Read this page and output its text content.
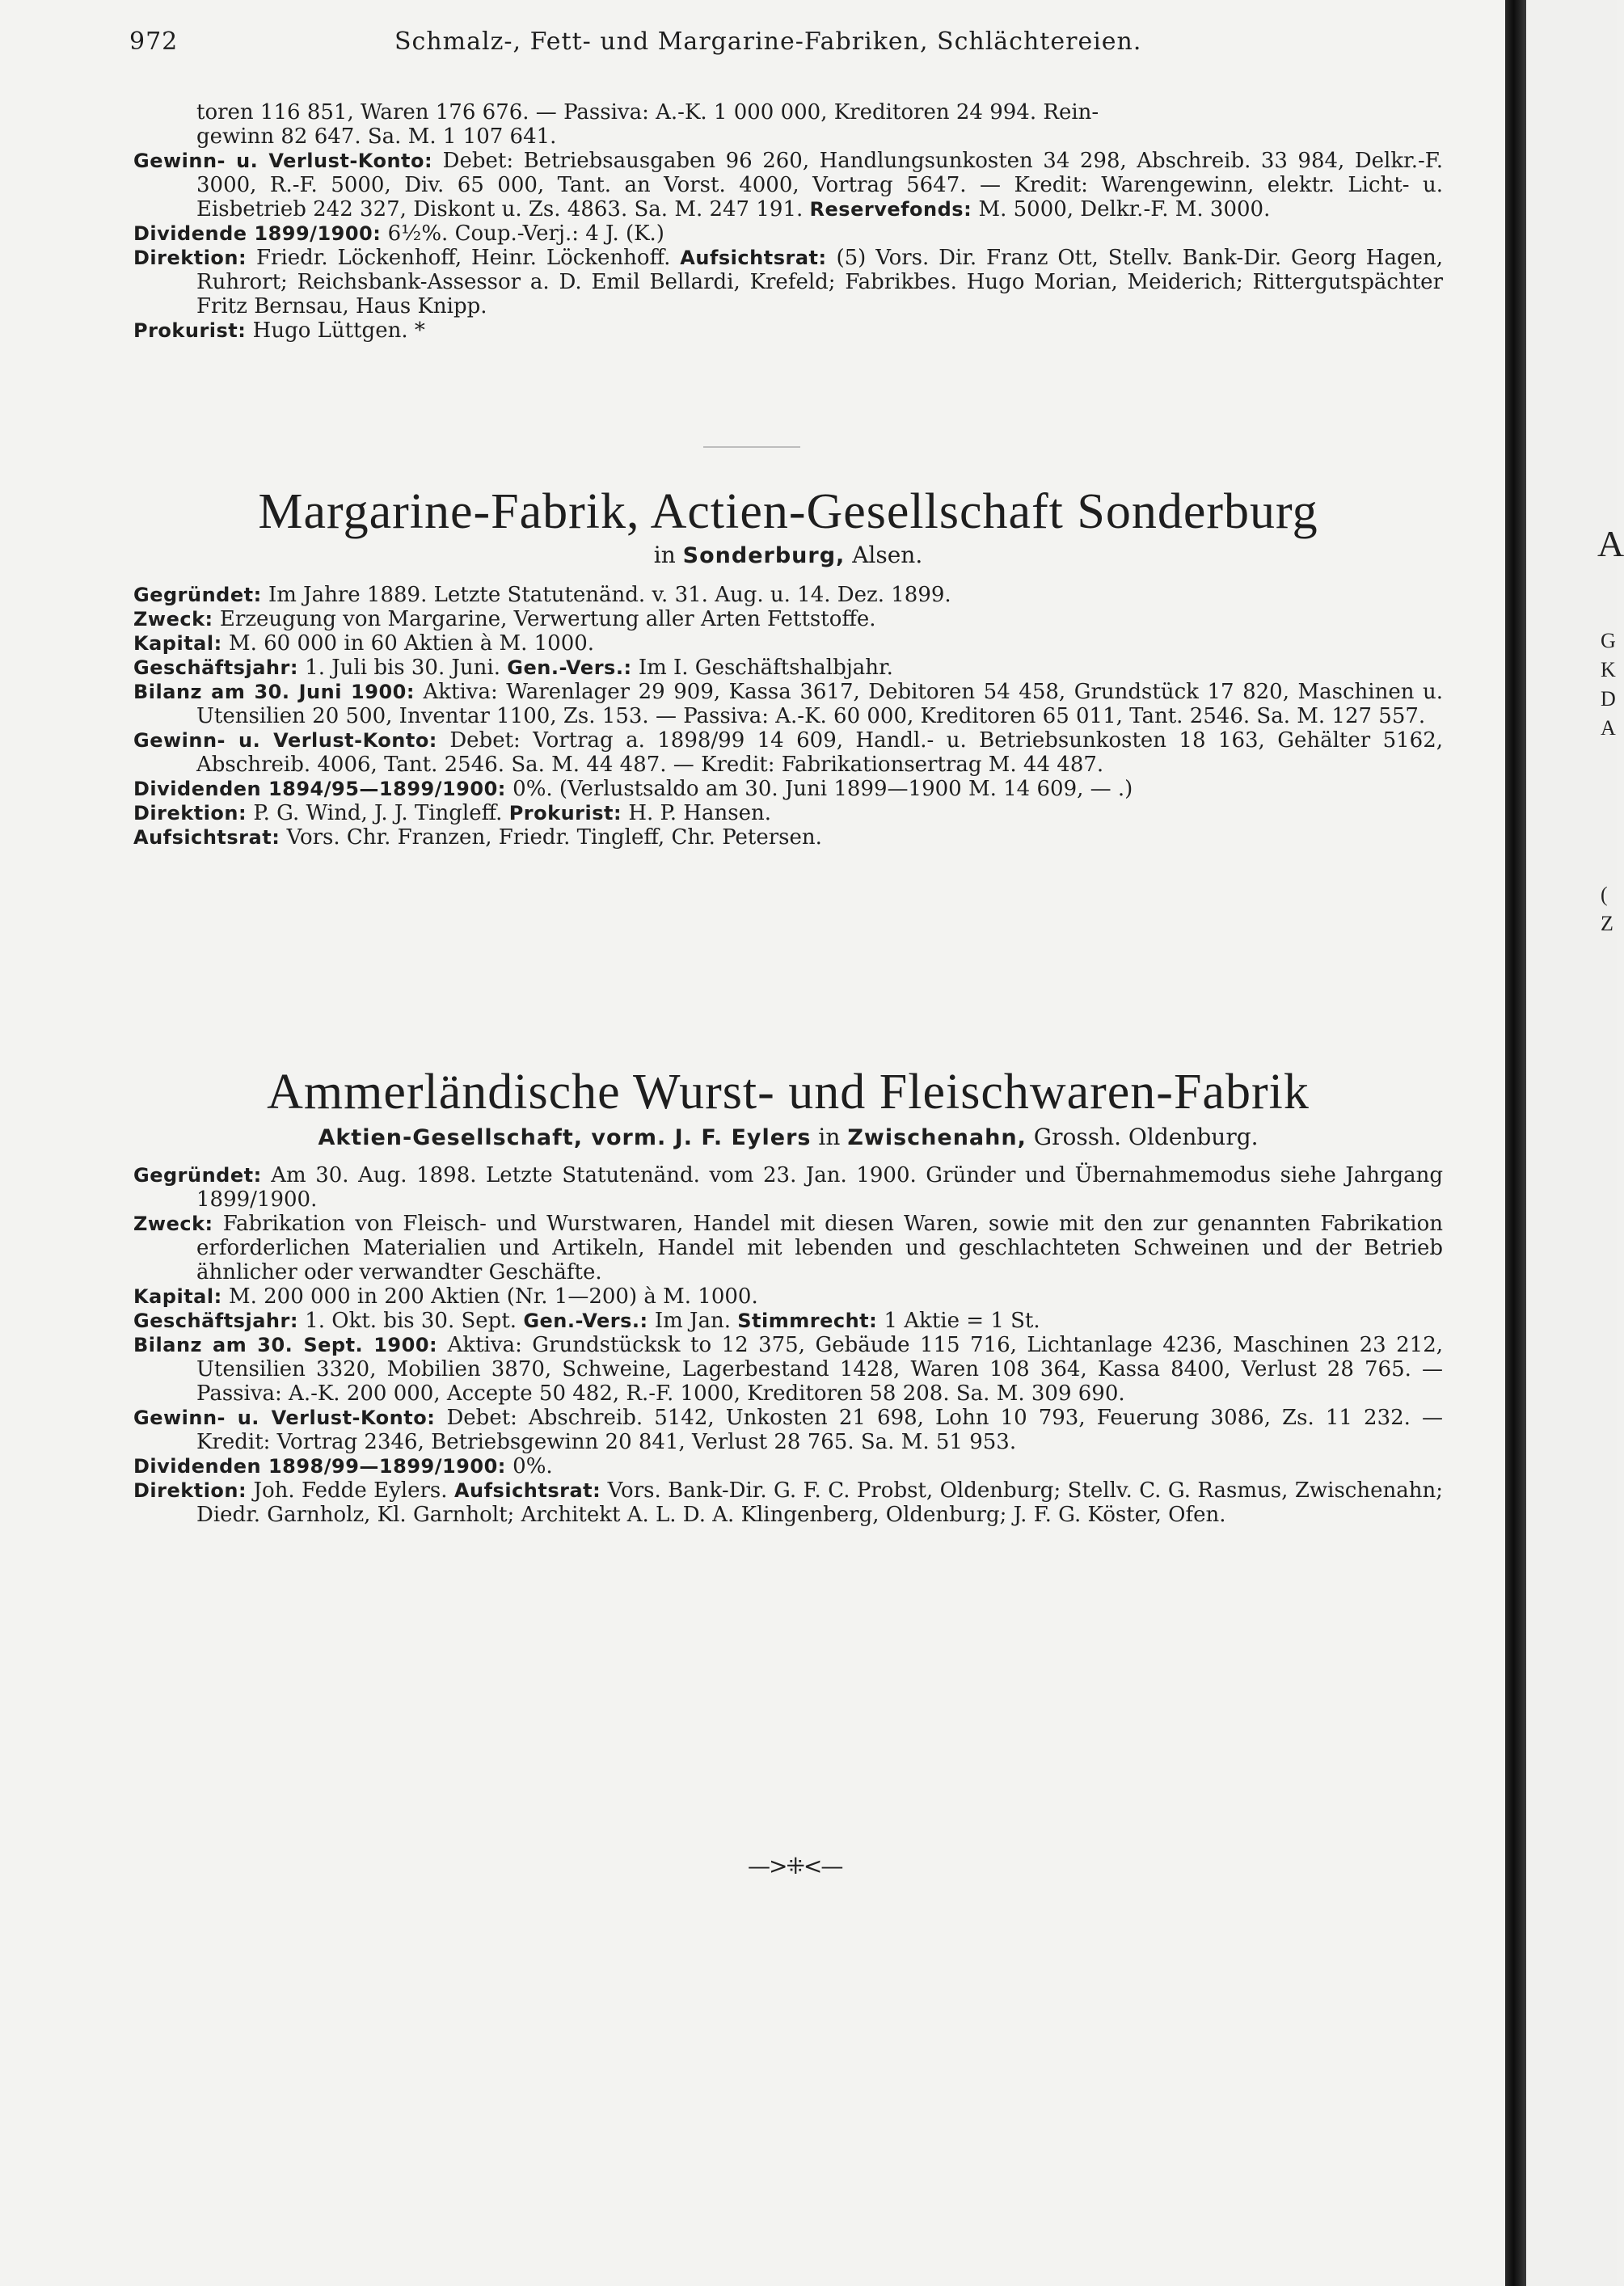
972	Schmalz-, Fett- und Margarine-Fabriken, Schlächtereien.

toren 116 851, Waren 176 676. — Passiva: A.-K. 1 000 000, Kreditoren 24 994. Rein-

gewinn 82 647. Sa. M. 1 107 641.

Gewinn- u. Verlust-Konto: Debet: Betriebsausgaben 96 260, Handlungsunkosten 34 298, Abschreib. 33 984, Delkr.-F. 3000, R.-F. 5000, Div. 65 000, Tant. an Vorst. 4000, Vortrag 5647. — Kredit: Warengewinn, elektr. Licht- u. Eisbetrieb 242 327, Diskont u. Zs. 4863. Sa. M. 247 191. Reservefonds: M. 5000, Delkr.-F. M. 3000.

Dividende 1899/1900: 6½%. Coup.-Verj.: 4 J. (K.)

Direktion: Friedr. Löckenhoff, Heinr. Löckenhoff. Aufsichtsrat: (5) Vors. Dir. Franz Ott, Stellv. Bank-Dir. Georg Hagen, Ruhrort; Reichsbank-Assessor a. D. Emil Bellardi, Krefeld; Fabrikbes. Hugo Morian, Meiderich; Rittergutspächter Fritz Bernsau, Haus Knipp.

Prokurist: Hugo Lüttgen. *

Margarine-Fabrik, Actien-Gesellschaft Sonderburg
in Sonderburg, Alsen.

Gegründet: Im Jahre 1889. Letzte Statutenänd. v. 31. Aug. u. 14. Dez. 1899.

Zweck: Erzeugung von Margarine, Verwertung aller Arten Fettstoffe.

Kapital: M. 60 000 in 60 Aktien à M. 1000.

Geschäftsjahr: 1. Juli bis 30. Juni. Gen.-Vers.: Im I. Geschäftshalbjahr.

Bilanz am 30. Juni 1900: Aktiva: Warenlager 29 909, Kassa 3617, Debitoren 54 458, Grundstück 17 820, Maschinen u. Utensilien 20 500, Inventar 1100, Zs. 153. — Passiva: A.-K. 60 000, Kreditoren 65 011, Tant. 2546. Sa. M. 127 557.

Gewinn- u. Verlust-Konto: Debet: Vortrag a. 1898/99 14 609, Handl.- u. Betriebsunkosten 18 163, Gehälter 5162, Abschreib. 4006, Tant. 2546. Sa. M. 44 487. — Kredit: Fabrikationsertrag M. 44 487.

Dividenden 1894/95—1899/1900: 0%. (Verlustsaldo am 30. Juni 1899—1900 M. 14 609, — .)

Direktion: P. G. Wind, J. J. Tingleff. Prokurist: H. P. Hansen.

Aufsichtsrat: Vors. Chr. Franzen, Friedr. Tingleff, Chr. Petersen.

Ammerländische Wurst- und Fleischwaren-Fabrik
Aktien-Gesellschaft, vorm. J. F. Eylers in Zwischenahn, Grossh. Oldenburg.

Gegründet: Am 30. Aug. 1898. Letzte Statutenänd. vom 23. Jan. 1900. Gründer und Übernahmemodus siehe Jahrgang 1899/1900.

Zweck: Fabrikation von Fleisch- und Wurstwaren, Handel mit diesen Waren, sowie mit den zur genannten Fabrikation erforderlichen Materialien und Artikeln, Handel mit lebenden und geschlachteten Schweinen und der Betrieb ähnlicher oder verwandter Geschäfte.

Kapital: M. 200 000 in 200 Aktien (Nr. 1—200) à M. 1000.

Geschäftsjahr: 1. Okt. bis 30. Sept. Gen.-Vers.: Im Jan. Stimmrecht: 1 Aktie = 1 St.

Bilanz am 30. Sept. 1900: Aktiva: Grundstücksk to 12 375, Gebäude 115 716, Lichtanlage 4236, Maschinen 23 212, Utensilien 3320, Mobilien 3870, Schweine, Lagerbestand 1428, Waren 108 364, Kassa 8400, Verlust 28 765. — Passiva: A.-K. 200 000, Accepte 50 482, R.-F. 1000, Kreditoren 58 208. Sa. M. 309 690.

Gewinn- u. Verlust-Konto: Debet: Abschreib. 5142, Unkosten 21 698, Lohn 10 793, Feuerung 3086, Zs. 11 232. — Kredit: Vortrag 2346, Betriebsgewinn 20 841, Verlust 28 765. Sa. M. 51 953.

Dividenden 1898/99—1899/1900: 0%.

Direktion: Joh. Fedde Eylers. Aufsichtsrat: Vors. Bank-Dir. G. F. C. Probst, Oldenburg; Stellv. C. G. Rasmus, Zwischenahn; Diedr. Garnholz, Kl. Garnholt; Architekt A. L. D. A. Klingenberg, Oldenburg; J. F. G. Köster, Ofen.

—>⁜<—
A
G
K
D
A
(
Z
